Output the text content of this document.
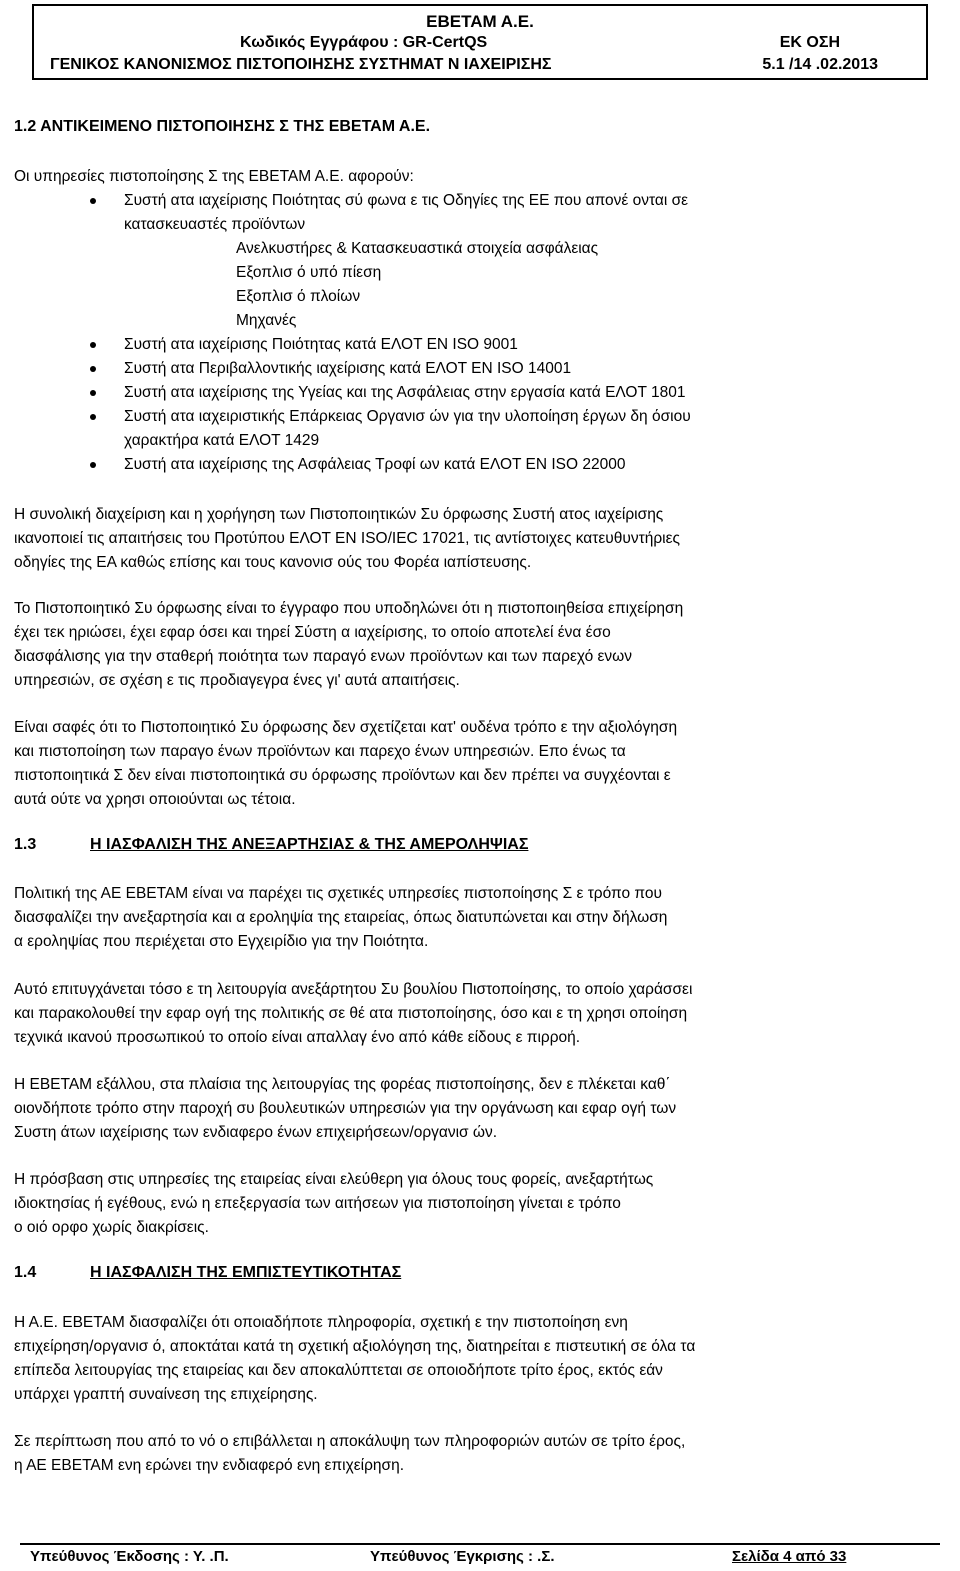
ΕΒΕΤΑΜ Α.Ε.
Κωδικός Εγγράφου : GR-CertQS	ΕΚ ΟΣΗ
ΓΕΝΙΚΟΣ ΚΑΝΟΝΙΣΜΟΣ ΠΙΣΤΟΠΟΙΗΣΗΣ ΣΥΣΤΗΜΑΤ Ν ΙΑΧΕΙΡΙΣΗΣ	5.1 /14 .02.2013
1.2 ΑΝΤΙΚΕΙΜΕΝΟ ΠΙΣΤΟΠΟΙΗΣΗΣ Σ ΤΗΣ ΕΒΕΤΑΜ Α.Ε.
Οι υπηρεσίες πιστοποίησης Σ της ΕΒΕΤΑΜ Α.Ε. αφορούν:
Συστή ατα ιαχείρισης Ποιότητας σύ φωνα ε τις Οδηγίες της ΕΕ που απονέ ονται σε
κατασκευαστές προϊόντων
Ανελκυστήρες & Κατασκευαστικά στοιχεία ασφάλειας
Εξοπλισ ό υπό πίεση
Εξοπλισ ό πλοίων
Μηχανές
Συστή ατα ιαχείρισης Ποιότητας κατά ΕΛΟΤ ΕΝ ISO 9001
Συστή ατα Περιβαλλοντικής ιαχείρισης κατά ΕΛΟΤ ΕΝ ISO 14001
Συστή ατα ιαχείρισης της Υγείας και της Ασφάλειας στην εργασία κατά ΕΛΟΤ 1801
Συστή ατα ιαχειριστικής Επάρκειας Οργανισ ών για την υλοποίηση έργων δη όσιου
χαρακτήρα κατά ΕΛΟΤ 1429
Συστή ατα ιαχείρισης της Ασφάλειας Τροφί ων κατά ΕΛΟΤ ΕΝ ISO 22000
Η συνολική διαχείριση και η χορήγηση των Πιστοποιητικών Συ όρφωσης Συστή ατος ιαχείρισης
ικανοποιεί τις απαιτήσεις του Προτύπου ΕΛΟΤ ΕΝ ISO/IEC 17021, τις αντίστοιχες κατευθυντήριες
οδηγίες της ΕΑ καθώς επίσης και τους κανονισ ούς του Φορέα ιαπίστευσης.
Το Πιστοποιητικό Συ όρφωσης είναι το έγγραφο που υποδηλώνει ότι η πιστοποιηθείσα επιχείρηση
έχει τεκ ηριώσει, έχει εφαρ όσει και τηρεί Σύστη α ιαχείρισης, το οποίο αποτελεί ένα έσο
διασφάλισης για την σταθερή ποιότητα των παραγό ενων προϊόντων και των παρεχό ενων
υπηρεσιών, σε σχέση ε τις προδιαγεγρα ένες γι' αυτά απαιτήσεις.
Είναι σαφές ότι το Πιστοποιητικό Συ όρφωσης δεν σχετίζεται κατ' ουδένα τρόπο ε την αξιολόγηση
και πιστοποίηση των παραγο ένων προϊόντων και παρεχο ένων υπηρεσιών. Επο ένως τα
πιστοποιητικά Σ δεν είναι πιστοποιητικά συ όρφωσης προϊόντων και δεν πρέπει να συγχέονται ε
αυτά ούτε να χρησι οποιούνται ως τέτοια.
1.3	Η ΙΑΣΦΑΛΙΣΗ ΤΗΣ ΑΝΕΞΑΡΤΗΣΙΑΣ & ΤΗΣ ΑΜΕΡΟΛΗΨΙΑΣ
Πολιτική της ΑΕ ΕΒΕΤΑΜ είναι να παρέχει τις σχετικές υπηρεσίες πιστοποίησης Σ ε τρόπο που
διασφαλίζει την ανεξαρτησία και α εροληψία της εταιρείας, όπως διατυπώνεται και στην δήλωση
α εροληψίας που περιέχεται στο Εγχειρίδιο για την Ποιότητα.
Αυτό επιτυγχάνεται τόσο ε τη λειτουργία ανεξάρτητου Συ βουλίου Πιστοποίησης, το οποίο χαράσσει
και παρακολουθεί την εφαρ ογή της πολιτικής σε θέ ατα πιστοποίησης, όσο και ε τη χρησι οποίηση
τεχνικά ικανού προσωπικού το οποίο είναι απαλλαγ ένο από κάθε είδους ε πιρροή.
Η ΕΒΕΤΑΜ εξάλλου, στα πλαίσια της λειτουργίας της φορέας πιστοποίησης, δεν ε πλέκεται καθ΄
οιονδήποτε τρόπο στην παροχή συ βουλευτικών υπηρεσιών για την οργάνωση και εφαρ ογή των
Συστη άτων ιαχείρισης των ενδιαφερο ένων επιχειρήσεων/οργανισ ών.
Η πρόσβαση στις υπηρεσίες της εταιρείας είναι ελεύθερη για όλους τους φορείς, ανεξαρτήτως
ιδιοκτησίας ή εγέθους, ενώ η επεξεργασία των αιτήσεων για πιστοποίηση γίνεται ε τρόπο
ο οιό ορφο χωρίς διακρίσεις.
1.4	Η ΙΑΣΦΑΛΙΣΗ ΤΗΣ ΕΜΠΙΣΤΕΥΤΙΚΟΤΗΤΑΣ
Η Α.Ε. ΕΒΕΤΑΜ διασφαλίζει ότι οποιαδήποτε πληροφορία, σχετική ε την πιστοποίηση ενη
επιχείρηση/οργανισ ό, αποκτάται κατά τη σχετική αξιολόγηση της, διατηρείται ε πιστευτική σε όλα τα
επίπεδα λειτουργίας της εταιρείας και δεν αποκαλύπτεται σε οποιοδήποτε τρίτο έρος, εκτός εάν
υπάρχει γραπτή συναίνεση της επιχείρησης.
Σε περίπτωση που από το νό ο επιβάλλεται η αποκάλυψη των πληροφοριών αυτών σε τρίτο έρος,
η ΑΕ ΕΒΕΤΑΜ ενη ερώνει την ενδιαφερό ενη επιχείρηση.
Υπεύθυνος Έκδοσης : Υ. .Π.	Υπεύθυνος Έγκρισης : .Σ.	Σελίδα 4 από 33
